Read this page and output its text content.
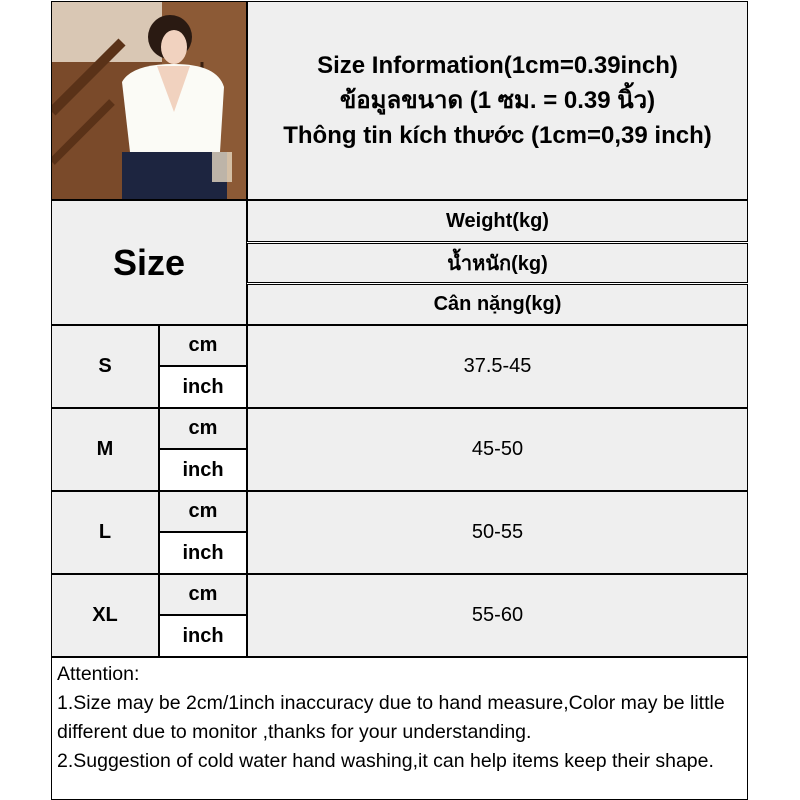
Size Information(1cm=0.39inch)
ข้อมูลขนาด (1 ซม. = 0.39 นิ้ว)
Thông tin kích thước (1cm=0,39 inch)
Size
Weight(kg)
น้ำหนัก(kg)
Cân nặng(kg)
S
cm
inch
37.5-45
M
cm
inch
45-50
L
cm
inch
50-55
XL
cm
inch
55-60
Attention:
1.Size may be 2cm/1inch inaccuracy due to hand measure,Color may be little different due to monitor ,thanks for your understanding.
2.Suggestion of cold water hand washing,it can help items keep their shape.
